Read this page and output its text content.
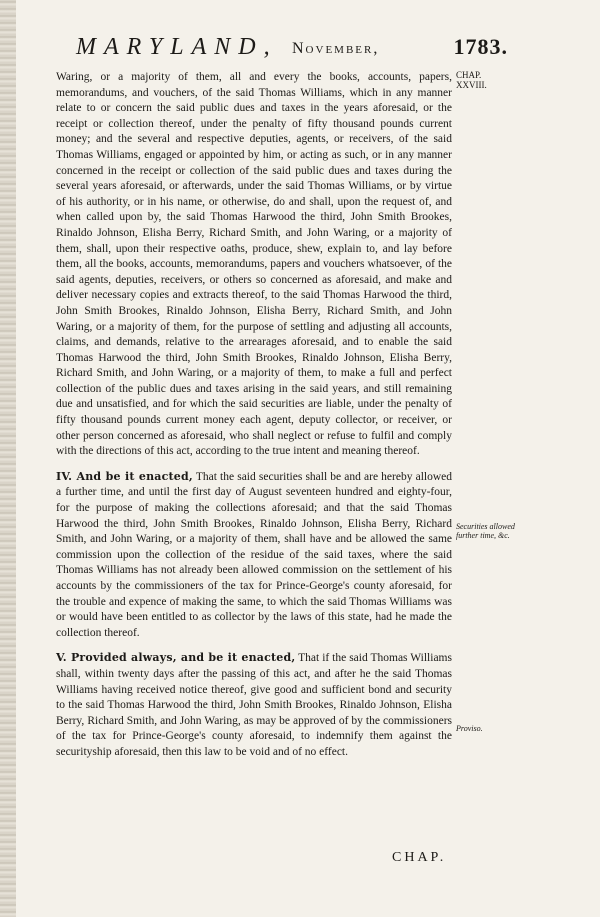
MARYLAND, November,	1783.
CHAP.
XXVIII.

Waring, or a majority of them, all and every the books, accounts, papers, memorandums, and vouchers, of the said Thomas Williams, which in any manner relate to or concern the said public dues and taxes in the years aforesaid, or the receipt or collection thereof, under the penalty of fifty thousand pounds current money; and the several and respective deputies, agents, or receivers, of the said Thomas Williams, engaged or appointed by him, or acting as such, or in any manner concerned in the receipt or collection of the said public dues and taxes during the several years aforesaid, or afterwards, under the said Thomas Williams, or by virtue of his authority, or in his name, or otherwise, do and shall, upon the request of, and when called upon by, the said Thomas Harwood the third, John Smith Brookes, Rinaldo Johnson, Elisha Berry, Richard Smith, and John Waring, or a majority of them, shall, upon their respective oaths, produce, shew, explain to, and lay before them, all the books, accounts, memorandums, papers and vouchers whatsoever, of the said agents, deputies, receivers, or others so concerned as aforesaid, and make and deliver necessary copies and extracts thereof, to the said Thomas Harwood the third, John Smith Brookes, Rinaldo Johnson, Elisha Berry, Richard Smith, and John Waring, or a majority of them, for the purpose of settling and adjusting all accounts, claims, and demands, relative to the arrearages aforesaid, and to enable the said Thomas Harwood the third, John Smith Brookes, Rinaldo Johnson, Elisha Berry, Richard Smith, and John Waring, or a majority of them, to make a full and perfect collection of the public dues and taxes arising in the said years, and still remaining due and unsatisfied, and for which the said securities are liable, under the penalty of fifty thousand pounds current money each agent, deputy collector, or receiver, or other person concerned as aforesaid, who shall neglect or refuse to fulfil and comply with the directions of this act, according to the true intent and meaning thereof.

IV. And be it enacted, That the said securities shall be and are hereby allowed a further time, and until the first day of August seventeen hundred and eighty-four, for the purpose of making the collections aforesaid; and that the said Thomas Harwood the third, John Smith Brookes, Rinaldo Johnson, Elisha Berry, Richard Smith, and John Waring, or a majority of them, shall have and be allowed the same commission upon the collection of the residue of the said taxes, where the said Thomas Williams has not already been allowed commission on the settlement of his accounts by the commissioners of the tax for Prince-George's county aforesaid, for the trouble and expence of making the same, to which the said Thomas Williams was or would have been entitled to as collector by the laws of this state, had he made the collection thereof.

V. Provided always, and be it enacted, That if the said Thomas Williams shall, within twenty days after the passing of this act, and after he the said Thomas Williams having received notice thereof, give good and sufficient bond and security to the said Thomas Harwood the third, John Smith Brookes, Rinaldo Johnson, Elisha Berry, Richard Smith, and John Waring, as may be approved of by the commissioners of the tax for Prince-George's county aforesaid, to indemnify them against the securityship aforesaid, then this law to be void and of no effect.

Securities allowed further time, &c.
Proviso.
CHAP.
